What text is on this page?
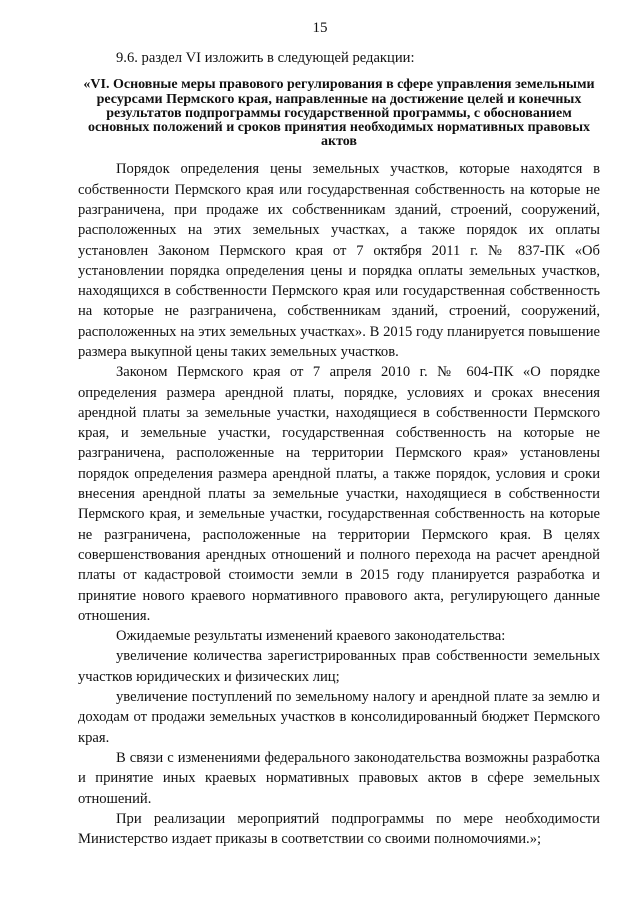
15

9.6. раздел VI изложить в следующей редакции:

«VI. Основные меры правового регулирования в сфере управления земельными ресурсами Пермского края, направленные на достижение целей и конечных результатов подпрограммы государственной программы, с обоснованием основных положений и сроков принятия необходимых нормативных правовых актов

Порядок определения цены земельных участков, которые находятся в собственности Пермского края или государственная собственность на которые не разграничена, при продаже их собственникам зданий, строений, сооружений, расположенных на этих земельных участках, а также порядок их оплаты установлен Законом Пермского края от 7 октября 2011 г. № 837-ПК «Об установлении порядка определения цены и порядка оплаты земельных участков, находящихся в собственности Пермского края или государственная собственность на которые не разграничена, собственникам зданий, строений, сооружений, расположенных на этих земельных участках». В 2015 году планируется повышение размера выкупной цены таких земельных участков.

Законом Пермского края от 7 апреля 2010 г. № 604-ПК «О порядке определения размера арендной платы, порядке, условиях и сроках внесения арендной платы за земельные участки, находящиеся в собственности Пермского края, и земельные участки, государственная собственность на которые не разграничена, расположенные на территории Пермского края» установлены порядок определения размера арендной платы, а также порядок, условия и сроки внесения арендной платы за земельные участки, находящиеся в собственности Пермского края, и земельные участки, государственная собственность на которые не разграничена, расположенные на территории Пермского края. В целях совершенствования арендных отношений и полного перехода на расчет арендной платы от кадастровой стоимости земли в 2015 году планируется разработка и принятие нового краевого нормативного правового акта, регулирующего данные отношения.

Ожидаемые результаты изменений краевого законодательства:

увеличение количества зарегистрированных прав собственности земельных участков юридических и физических лиц;

увеличение поступлений по земельному налогу и арендной плате за землю и доходам от продажи земельных участков в консолидированный бюджет Пермского края.

В связи с изменениями федерального законодательства возможны разработка и принятие иных краевых нормативных правовых актов в сфере земельных отношений.

При реализации мероприятий подпрограммы по мере необходимости Министерство издает приказы в соответствии со своими полномочиями.»;
